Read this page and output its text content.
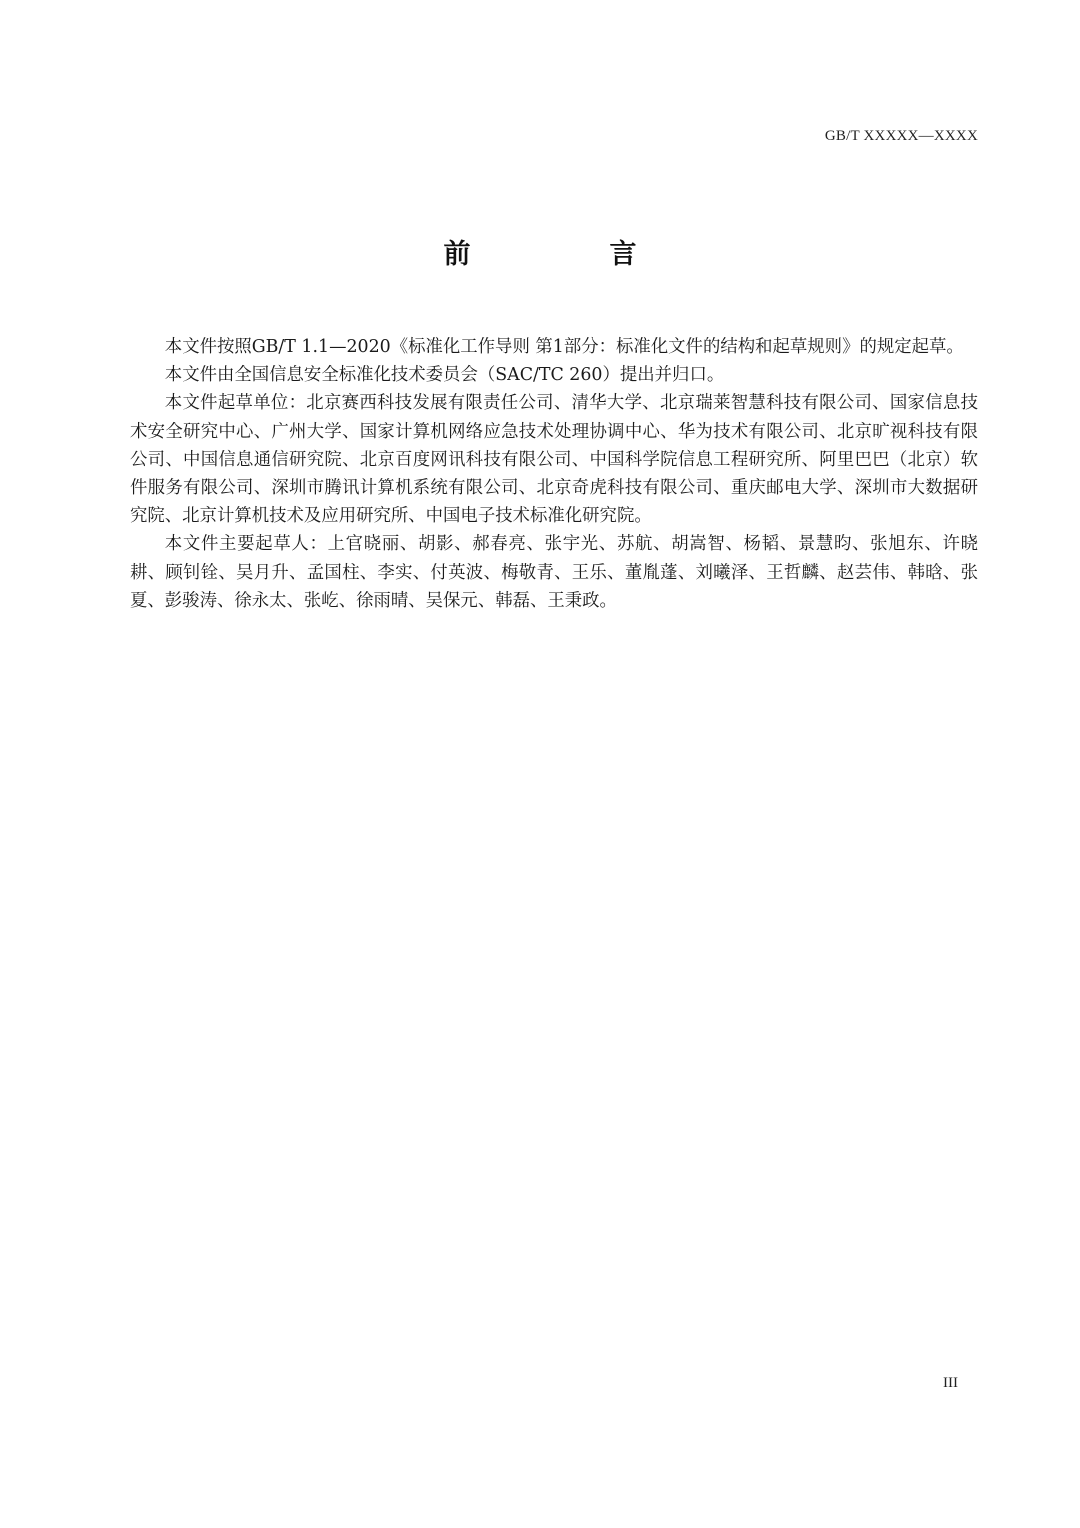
GB/T XXXXX—XXXX
前　言

本文件按照GB/T 1.1—2020《标准化工作导则 第1部分：标准化文件的结构和起草规则》的规定起草。

本文件由全国信息安全标准化技术委员会（SAC/TC 260）提出并归口。

本文件起草单位：北京赛西科技发展有限责任公司、清华大学、北京瑞莱智慧科技有限公司、国家信息技术安全研究中心、广州大学、国家计算机网络应急技术处理协调中心、华为技术有限公司、北京旷视科技有限公司、中国信息通信研究院、北京百度网讯科技有限公司、中国科学院信息工程研究所、阿里巴巴（北京）软件服务有限公司、深圳市腾讯计算机系统有限公司、北京奇虎科技有限公司、重庆邮电大学、深圳市大数据研究院、北京计算机技术及应用研究所、中国电子技术标准化研究院。

本文件主要起草人：上官晓丽、胡影、郝春亮、张宇光、苏航、胡嵩智、杨韬、景慧昀、张旭东、许晓耕、顾钊铨、吴月升、孟国柱、李实、付英波、梅敬青、王乐、董胤蓬、刘曦泽、王哲麟、赵芸伟、韩晗、张夏、彭骏涛、徐永太、张屹、徐雨晴、吴保元、韩磊、王秉政。

III
